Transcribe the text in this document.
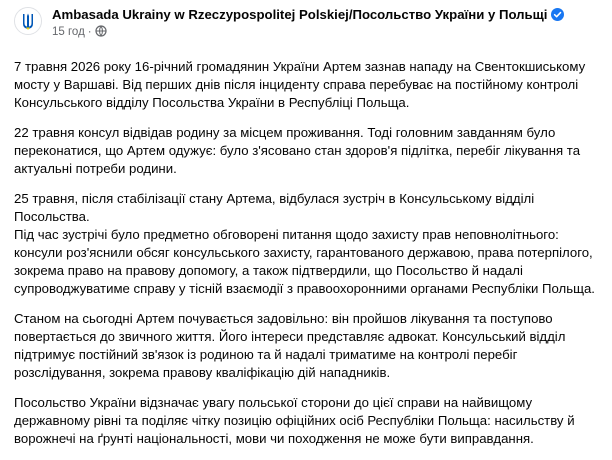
Ambasada Ukrainy w Rzeczypospolitej Polskiej/Посольство України у Польщі
15 год ·

7 травня 2026 року 16-річний громадянин України Артем зазнав нападу на Свентокшиському
мосту у Варшаві. Від перших днів після інциденту справа перебуває на постійному контролі
Консульського відділу Посольства України в Республіці Польща.

22 травня консул відвідав родину за місцем проживання. Тоді головним завданням було
переконатися, що Артем одужує: було з'ясовано стан здоров'я підлітка, перебіг лікування та
актуальні потреби родини.

25 травня, після стабілізації стану Артема, відбулася зустріч в Консульському відділі Посольства.
Під час зустрічі було предметно обговорені питання щодо захисту прав неповнолітнього:
консули роз'яснили обсяг консульського захисту, гарантованого державою, права потерпілого,
зокрема право на правову допомогу, а також підтвердили, що Посольство й надалі
супроводжуватиме справу у тісній взаємодії з правоохоронними органами Республіки Польща.

Станом на сьогодні Артем почувається задовільно: він пройшов лікування та поступово
повертається до звичного життя. Його інтереси представляє адвокат. Консульський відділ
підтримує постійний зв'язок із родиною та й надалі триматиме на контролі перебіг
розслідування, зокрема правову кваліфікацію дій нападників.

Посольство України відзначає увагу польської сторони до цієї справи на найвищому
державному рівні та поділяє чітку позицію офіційних осіб Республіки Польща: насильству й
ворожнечі на ґрунті національності, мови чи походження не може бути виправдання.
